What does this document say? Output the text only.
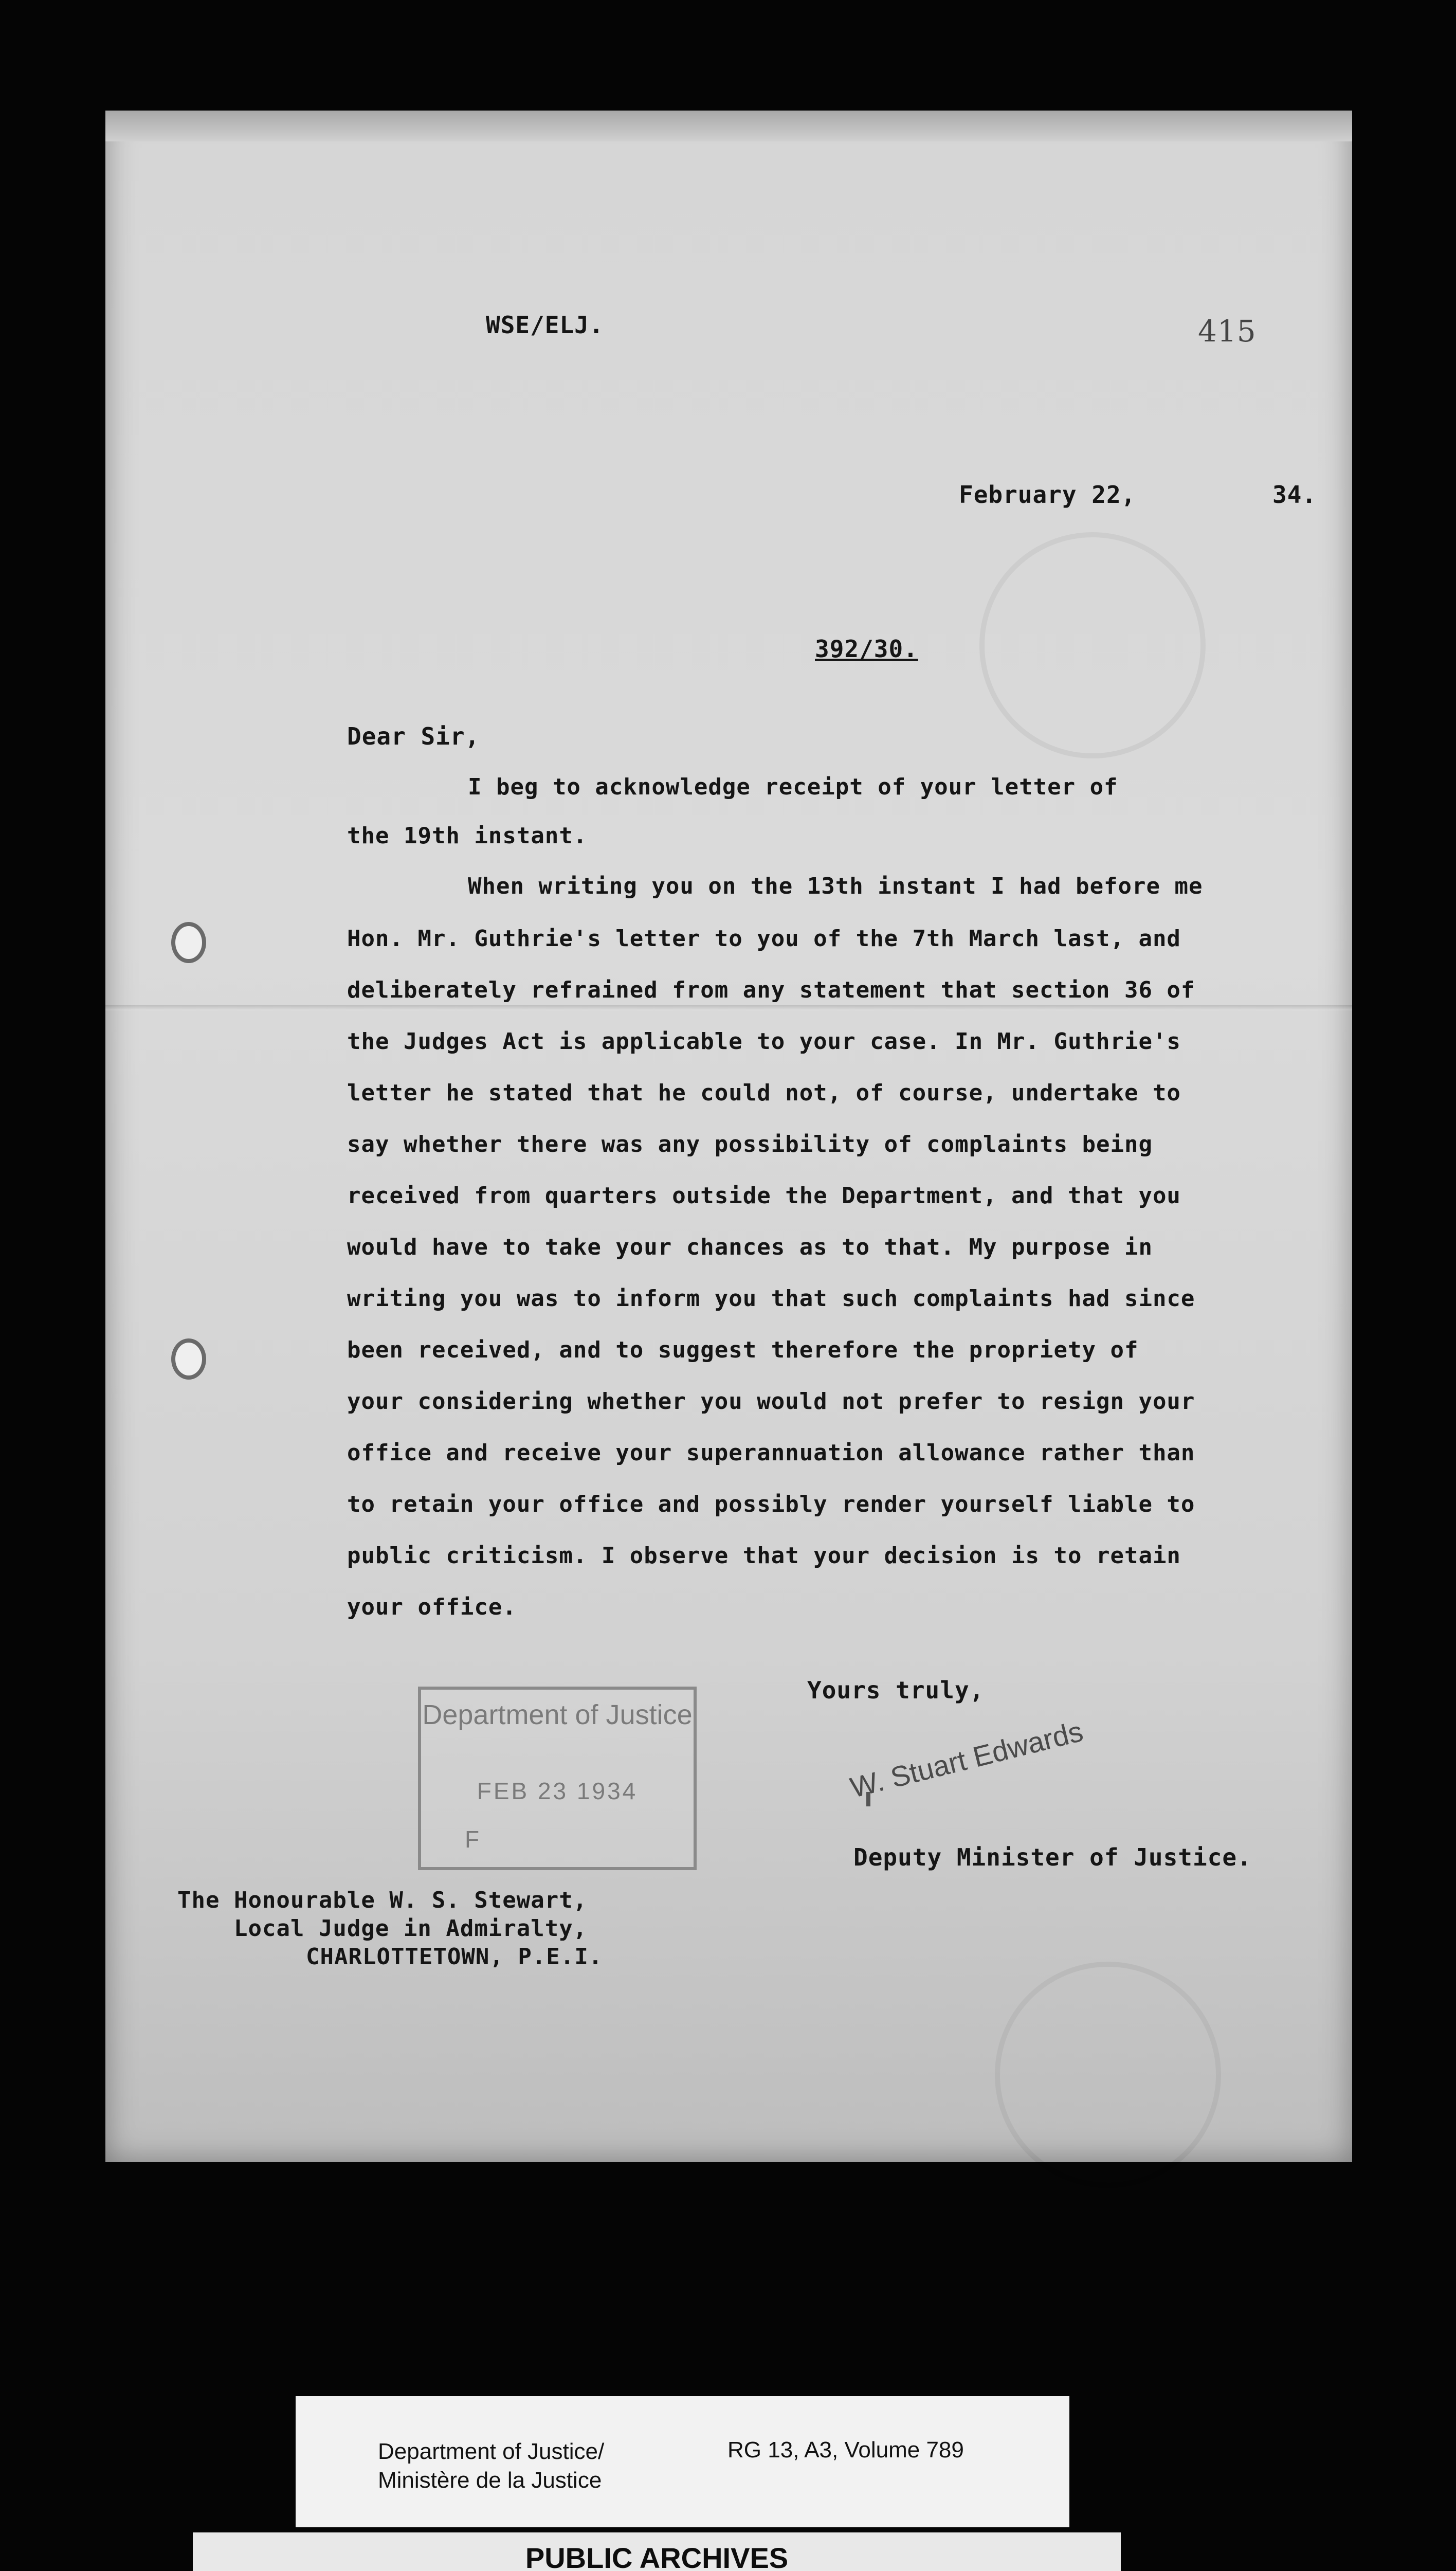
WSE/ELJ.	415
February 22,	34.
392/30.
Dear Sir,
I beg to acknowledge receipt of your letter of
the 19th instant.
When writing you on the 13th instant I had before me
Hon. Mr. Guthrie's letter to you of the 7th March last, and
deliberately refrained from any statement that section 36 of
the Judges Act is applicable to your case. In Mr. Guthrie's
letter he stated that he could not, of course, undertake to
say whether there was any possibility of complaints being
received from quarters outside the Department, and that you
would have to take your chances as to that. My purpose in
writing you was to inform you that such complaints had since
been received, and to suggest therefore the propriety of
your considering whether you would not prefer to resign your
office and receive your superannuation allowance rather than
to retain your office and possibly render yourself liable to
public criticism. I observe that your decision is to retain
your office.
Yours truly,
W. Stuart Edwards
Deputy Minister of Justice.
Department of Justice
FEB 23 1934
F
The Honourable W. S. Stewart,
Local Judge in Admiralty,
CHARLOTTETOWN, P.E.I.
Department of Justice/
Ministère de la Justice
RG 13, A3, Volume 789
PUBLIC ARCHIVES
